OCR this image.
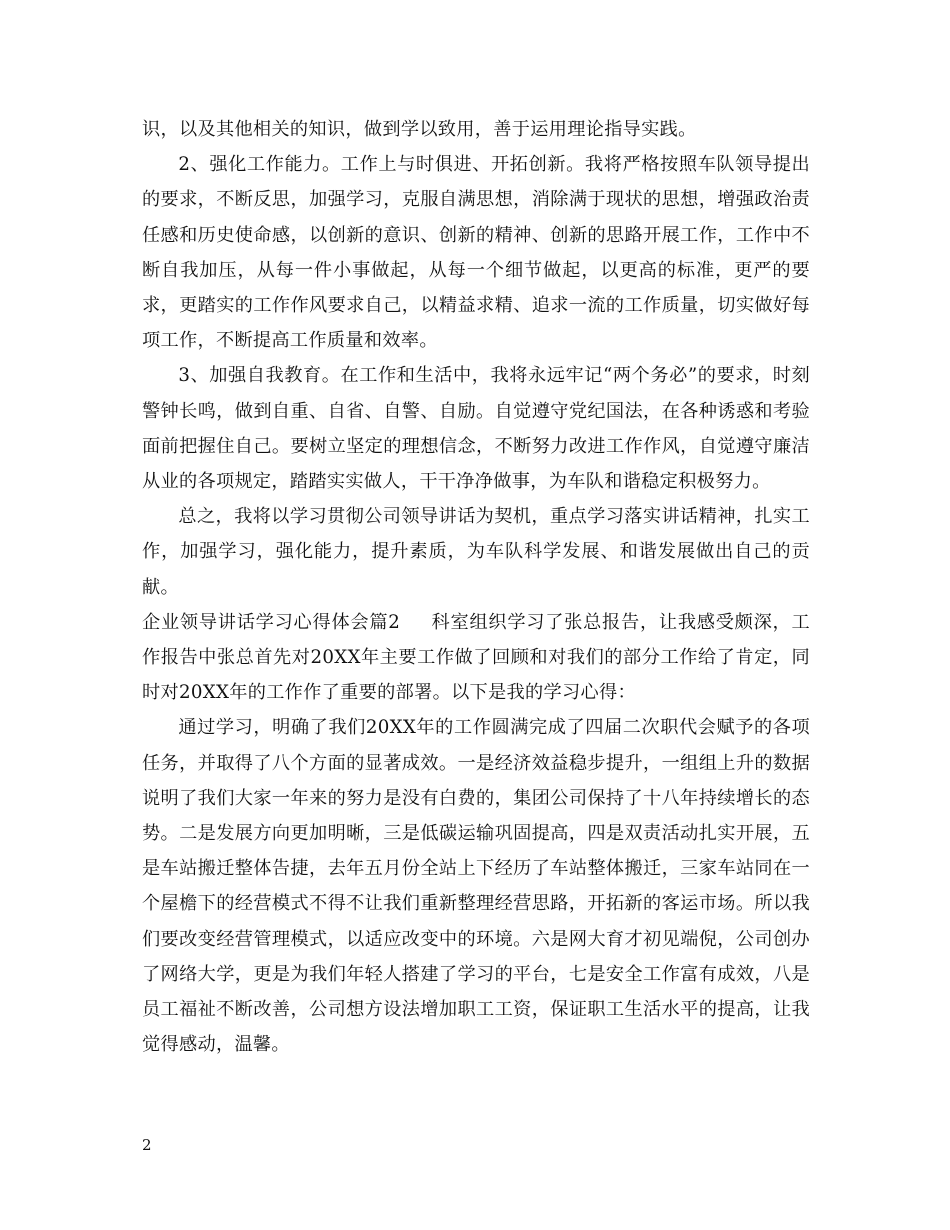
识，以及其他相关的知识，做到学以致用，善于运用理论指导实践。

2、强化工作能力。工作上与时俱进、开拓创新。我将严格按照车队领导提出的要求，不断反思，加强学习，克服自满思想，消除满于现状的思想，增强政治责任感和历史使命感，以创新的意识、创新的精神、创新的思路开展工作，工作中不断自我加压，从每一件小事做起，从每一个细节做起，以更高的标准，更严的要求，更踏实的工作作风要求自己，以精益求精、追求一流的工作质量，切实做好每项工作，不断提高工作质量和效率。

3、加强自我教育。在工作和生活中，我将永远牢记“两个务必”的要求，时刻警钟长鸣，做到自重、自省、自警、自励。自觉遵守党纪国法，在各种诱惑和考验面前把握住自己。要树立坚定的理想信念，不断努力改进工作作风，自觉遵守廉洁从业的各项规定，踏踏实实做人，干干净净做事，为车队和谐稳定积极努力。

总之，我将以学习贯彻公司领导讲话为契机，重点学习落实讲话精神，扎实工作，加强学习，强化能力，提升素质，为车队科学发展、和谐发展做出自己的贡献。

企业领导讲话学习心得体会篇2 科室组织学习了张总报告，让我感受颇深，工作报告中张总首先对20XX年主要工作做了回顾和对我们的部分工作给了肯定，同时对20XX年的工作作了重要的部署。以下是我的学习心得：

通过学习，明确了我们20XX年的工作圆满完成了四届二次职代会赋予的各项任务，并取得了八个方面的显著成效。一是经济效益稳步提升，一组组上升的数据说明了我们大家一年来的努力是没有白费的，集团公司保持了十八年持续增长的态势。二是发展方向更加明晰，三是低碳运输巩固提高，四是双责活动扎实开展，五是车站搬迁整体告捷，去年五月份全站上下经历了车站整体搬迁，三家车站同在一个屋檐下的经营模式不得不让我们重新整理经营思路，开拓新的客运市场。所以我们要改变经营管理模式，以适应改变中的环境。六是网大育才初见端倪，公司创办了网络大学，更是为我们年轻人搭建了学习的平台，七是安全工作富有成效，八是员工福祉不断改善，公司想方设法增加职工工资，保证职工生活水平的提高，让我觉得感动，温馨。

2
